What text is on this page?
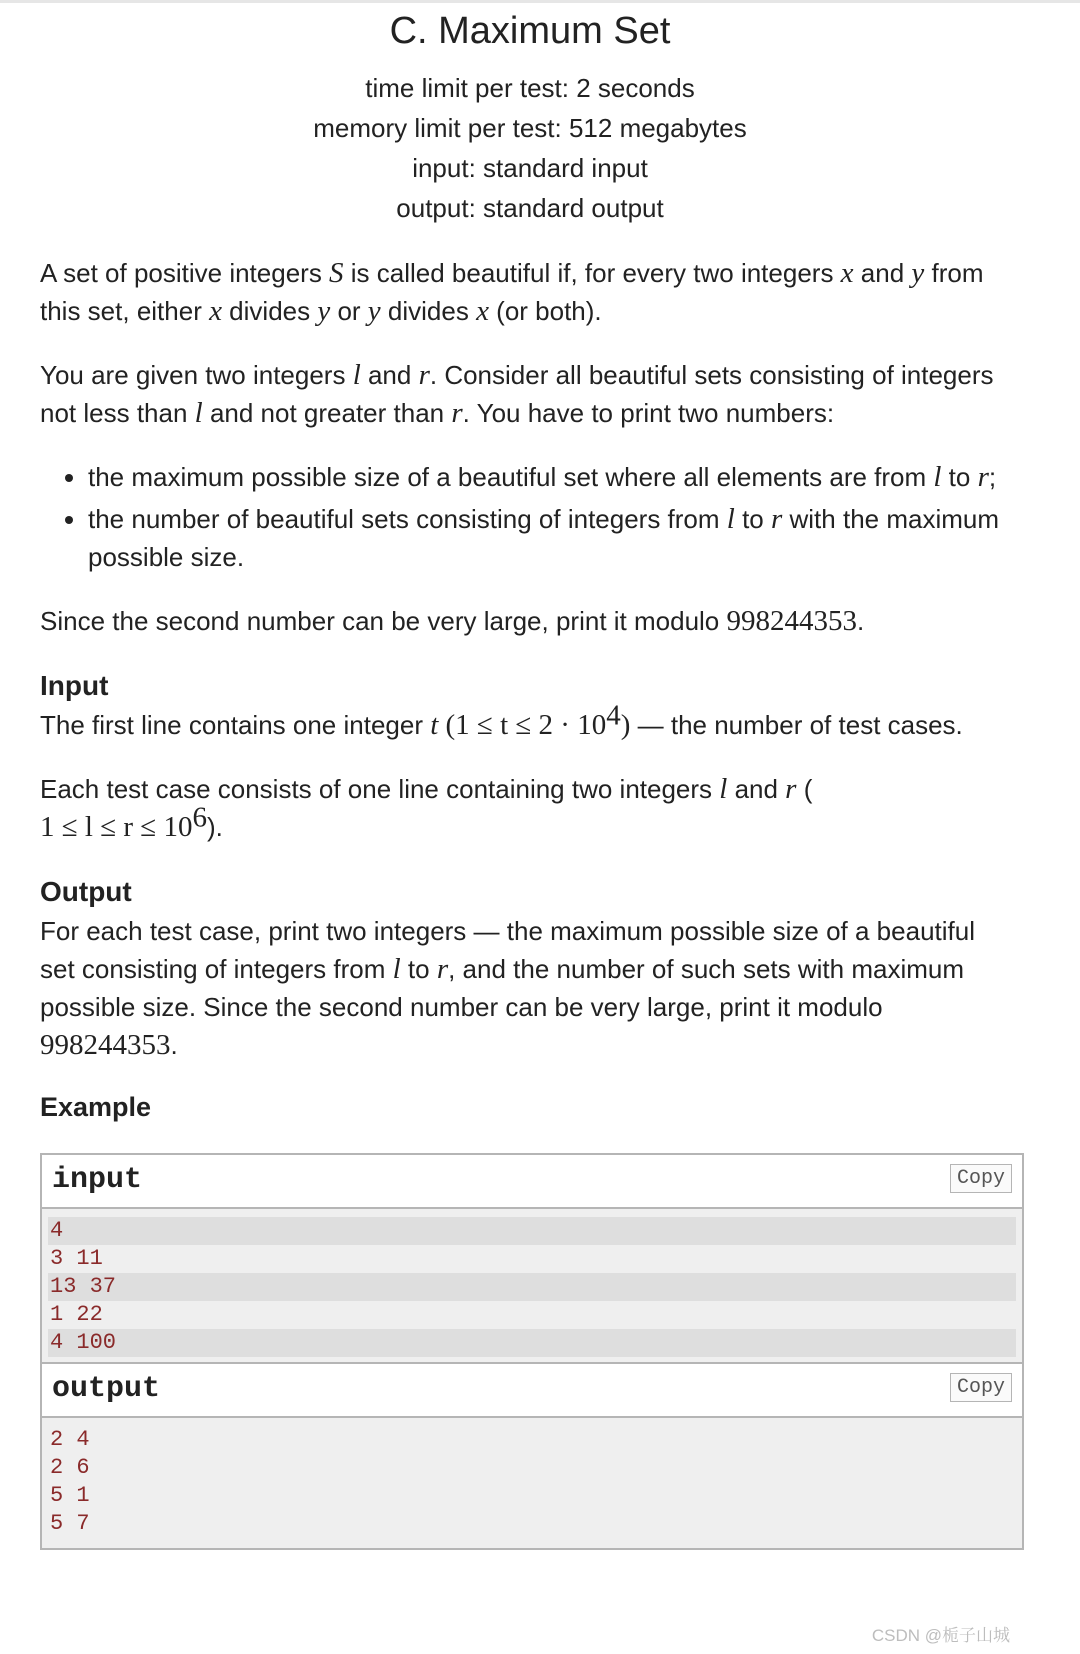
C. Maximum Set
time limit per test: 2 seconds
memory limit per test: 512 megabytes
input: standard input
output: standard output

A set of positive integers S is called beautiful if, for every two integers x and y from this set, either x divides y or y divides x (or both).

You are given two integers l and r. Consider all beautiful sets consisting of integers not less than l and not greater than r. You have to print two numbers:

• the maximum possible size of a beautiful set where all elements are from l to r;
• the number of beautiful sets consisting of integers from l to r with the maximum possible size.

Since the second number can be very large, print it modulo 998244353.

Input

The first line contains one integer t $(1 \le t \le 2 \cdot 10^4)$ — the number of test cases.

Each test case consists of one line containing two integers l and r (
$1 \le l \le r \le 10^6$).

Output

For each test case, print two integers — the maximum possible size of a beautiful set consisting of integers from l to r, and the number of such sets with maximum possible size. Since the second number can be very large, print it modulo
998244353.

Example
input	Copy
4
3 11
13 37
1 22
4 100
output	Copy
2 4
2 6
5 1
5 7
CSDN @栀子山城
